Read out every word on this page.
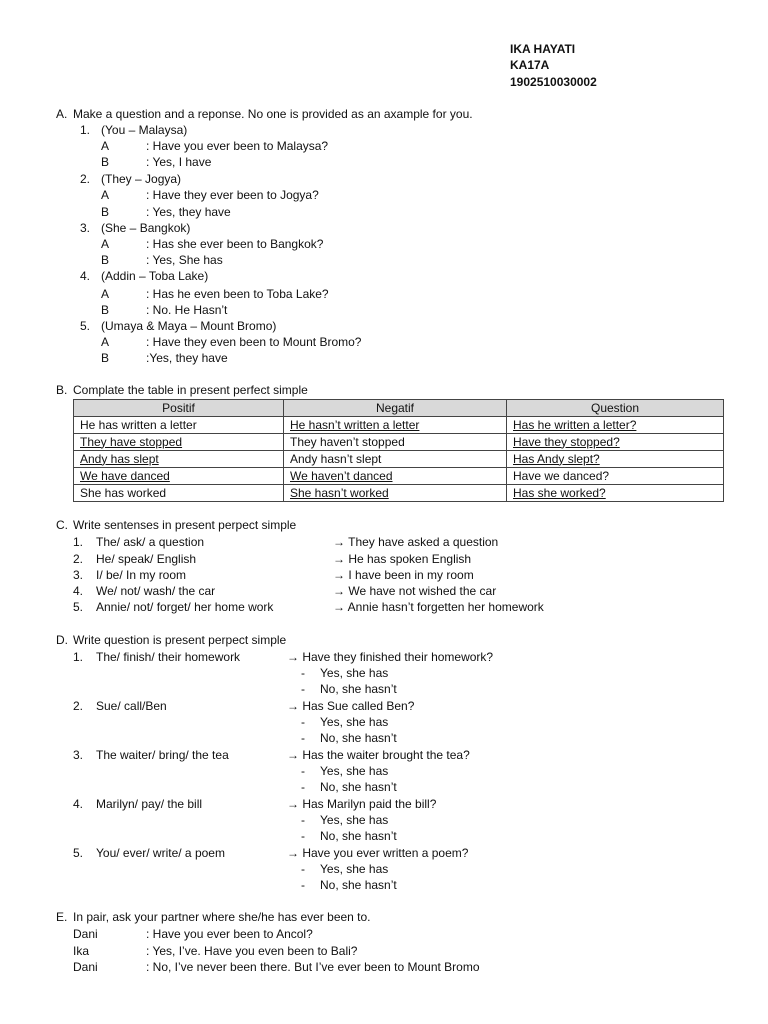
IKA HAYATI
KA17A
1902510030002
A. Make a question and a reponse. No one is provided as an axample for you.
1. (You – Malaysa)
A	: Have you ever been to Malaysa?
B	: Yes, I have
2. (They – Jogya)
A	: Have they ever been to Jogya?
B	: Yes, they have
3. (She – Bangkok)
A	: Has she ever been to Bangkok?
B	: Yes, She has
4. (Addin – Toba Lake)
A	: Has he even been to Toba Lake?
B	: No. He Hasn’t
5. (Umaya & Maya – Mount Bromo)
A	: Have they even been to Mount Bromo?
B	:Yes, they have
B. Complate the table in present perfect simple
Positif	Negatif	Question
He has written a letter	He hasn’t written a letter	Has he written a letter?
They have stopped	They haven’t stopped	Have they stopped?
Andy has slept	Andy hasn’t slept	Has Andy slept?
We have danced	We haven’t danced	Have we danced?
She has worked	She hasn’t worked	Has she worked?
C. Write sentenses in present perpect simple
1. The/ ask/ a question	→ They have asked a question
2. He/ speak/ English	→ He has spoken English
3. I/ be/ In my room	→ I have been in my room
4. We/ not/ wash/ the car	→ We have not wished the car
5. Annie/ not/ forget/ her home work	→ Annie hasn’t forgetten her homework
D. Write question is present perpect simple
1. The/ finish/ their homework	→ Have they finished their homework?
- Yes, she has
- No, she hasn’t
2. Sue/ call/Ben	→ Has Sue called Ben?
- Yes, she has
- No, she hasn’t
3. The waiter/ bring/ the tea	→ Has the waiter brought the tea?
- Yes, she has
- No, she hasn’t
4. Marilyn/ pay/ the bill	→ Has Marilyn paid the bill?
- Yes, she has
- No, she hasn’t
5. You/ ever/ write/ a poem	→ Have you ever written a poem?
- Yes, she has
- No, she hasn’t
E. In pair, ask your partner where she/he has ever been to.
Dani	: Have you ever been to Ancol?
Ika	: Yes, I’ve. Have you even been to Bali?
Dani	: No, I’ve never been there. But I’ve ever been to Mount Bromo
